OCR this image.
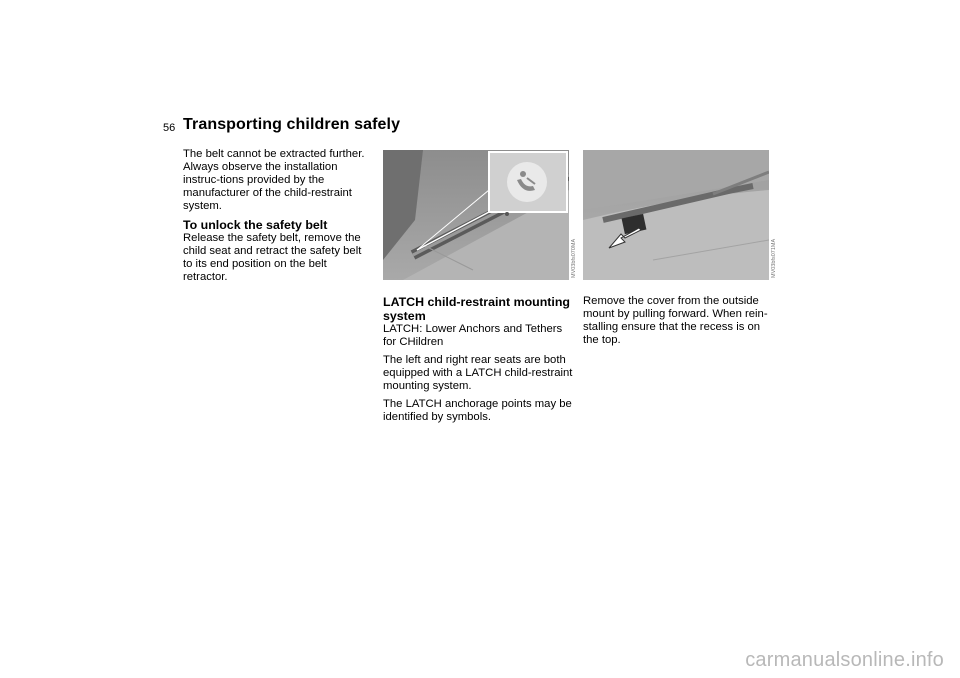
56 Transporting children safely

The belt cannot be extracted further. Always observe the installation instruc-tions provided by the manufacturer of the child-restraint system.

To unlock the safety belt

Release the safety belt, remove the child seat and retract the safety belt to its end position on the belt retractor.	MV03bfs070MA	MV03bfs071MA
LATCH child-restraint mounting system

LATCH: Lower Anchors and Tethers for CHildren

The left and right rear seats are both equipped with a LATCH child-restraint mounting system.

The LATCH anchorage points may be identified by symbols.

Remove the cover from the outside mount by pulling forward. When rein-stalling ensure that the recess is on the top.

carmanualsonline.info
